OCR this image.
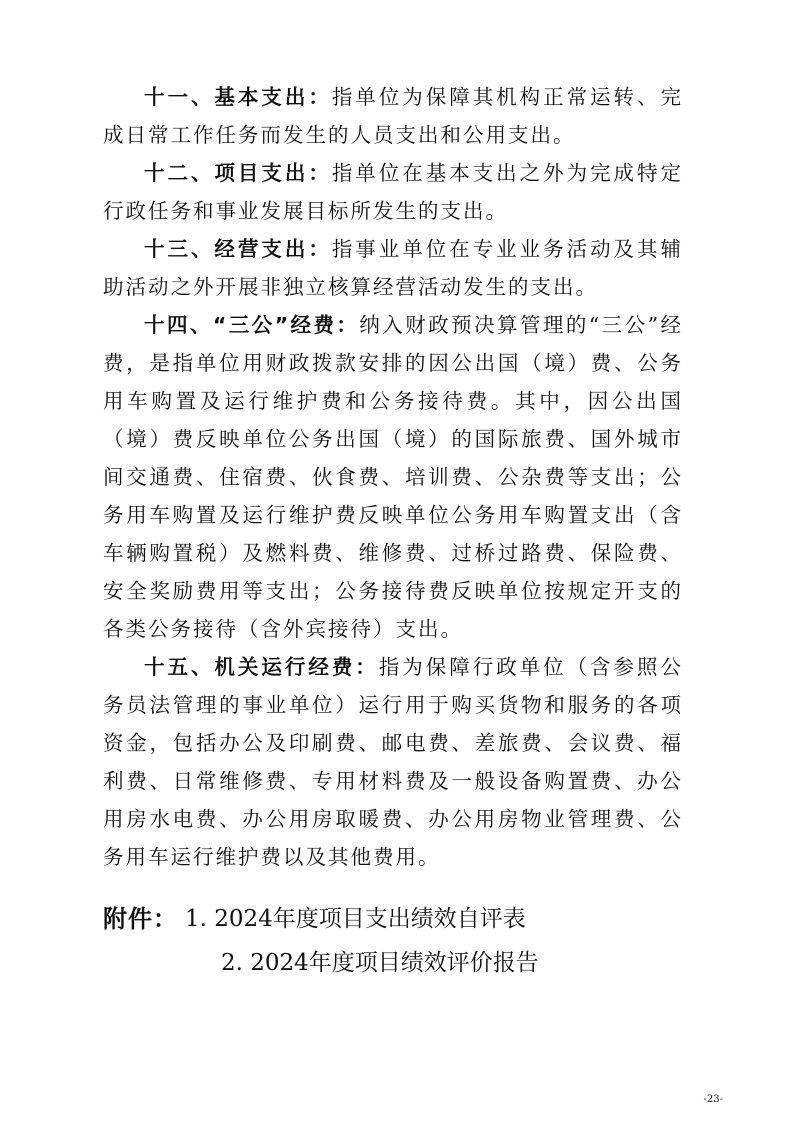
十一、基本支出：指单位为保障其机构正常运转、完成日常工作任务而发生的人员支出和公用支出。

十二、项目支出：指单位在基本支出之外为完成特定行政任务和事业发展目标所发生的支出。

十三、经营支出：指事业单位在专业业务活动及其辅助活动之外开展非独立核算经营活动发生的支出。

十四、“三公”经费：纳入财政预决算管理的“三公”经费，是指单位用财政拨款安排的因公出国（境）费、公务用车购置及运行维护费和公务接待费。其中，因公出国（境）费反映单位公务出国（境）的国际旅费、国外城市间交通费、住宿费、伙食费、培训费、公杂费等支出；公务用车购置及运行维护费反映单位公务用车购置支出（含车辆购置税）及燃料费、维修费、过桥过路费、保险费、安全奖励费用等支出；公务接待费反映单位按规定开支的各类公务接待（含外宾接待）支出。

十五、机关运行经费：指为保障行政单位（含参照公务员法管理的事业单位）运行用于购买货物和服务的各项资金，包括办公及印刷费、邮电费、差旅费、会议费、福利费、日常维修费、专用材料费及一般设备购置费、办公用房水电费、办公用房取暖费、办公用房物业管理费、公务用车运行维护费以及其他费用。

附件： 1. 2024年度项目支出绩效自评表
2. 2024年度项目绩效评价报告
-23-
